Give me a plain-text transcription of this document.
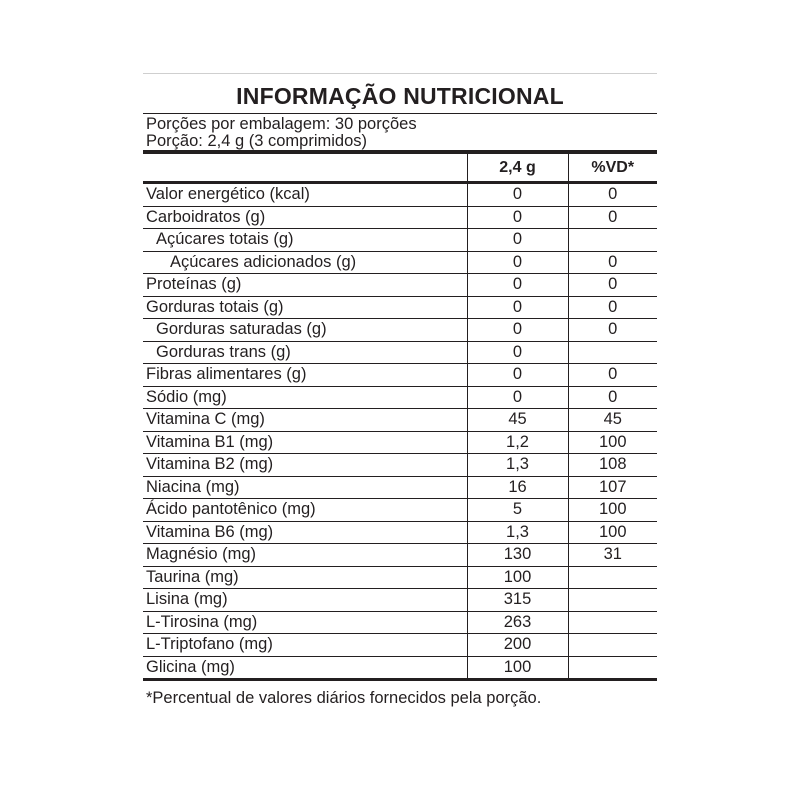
INFORMAÇÃO NUTRICIONAL
Porções por embalagem: 30 porções
Porção: 2,4 g (3 comprimidos)
	2,4 g	%VD*
Valor energético (kcal)	0	0
Carboidratos (g)	0	0
Açúcares totais (g)	0	
Açúcares adicionados (g)	0	0
Proteínas (g)	0	0
Gorduras totais (g)	0	0
Gorduras saturadas (g)	0	0
Gorduras trans (g)	0	
Fibras alimentares (g)	0	0
Sódio (mg)	0	0
Vitamina C (mg)	45	45
Vitamina B1 (mg)	1,2	100
Vitamina B2 (mg)	1,3	108
Niacina (mg)	16	107
Ácido pantotênico (mg)	5	100
Vitamina B6 (mg)	1,3	100
Magnésio (mg)	130	31
Taurina (mg)	100	
Lisina (mg)	315	
L-Tirosina (mg)	263	
L-Triptofano (mg)	200	
Glicina (mg)	100	
*Percentual de valores diários fornecidos pela porção.
